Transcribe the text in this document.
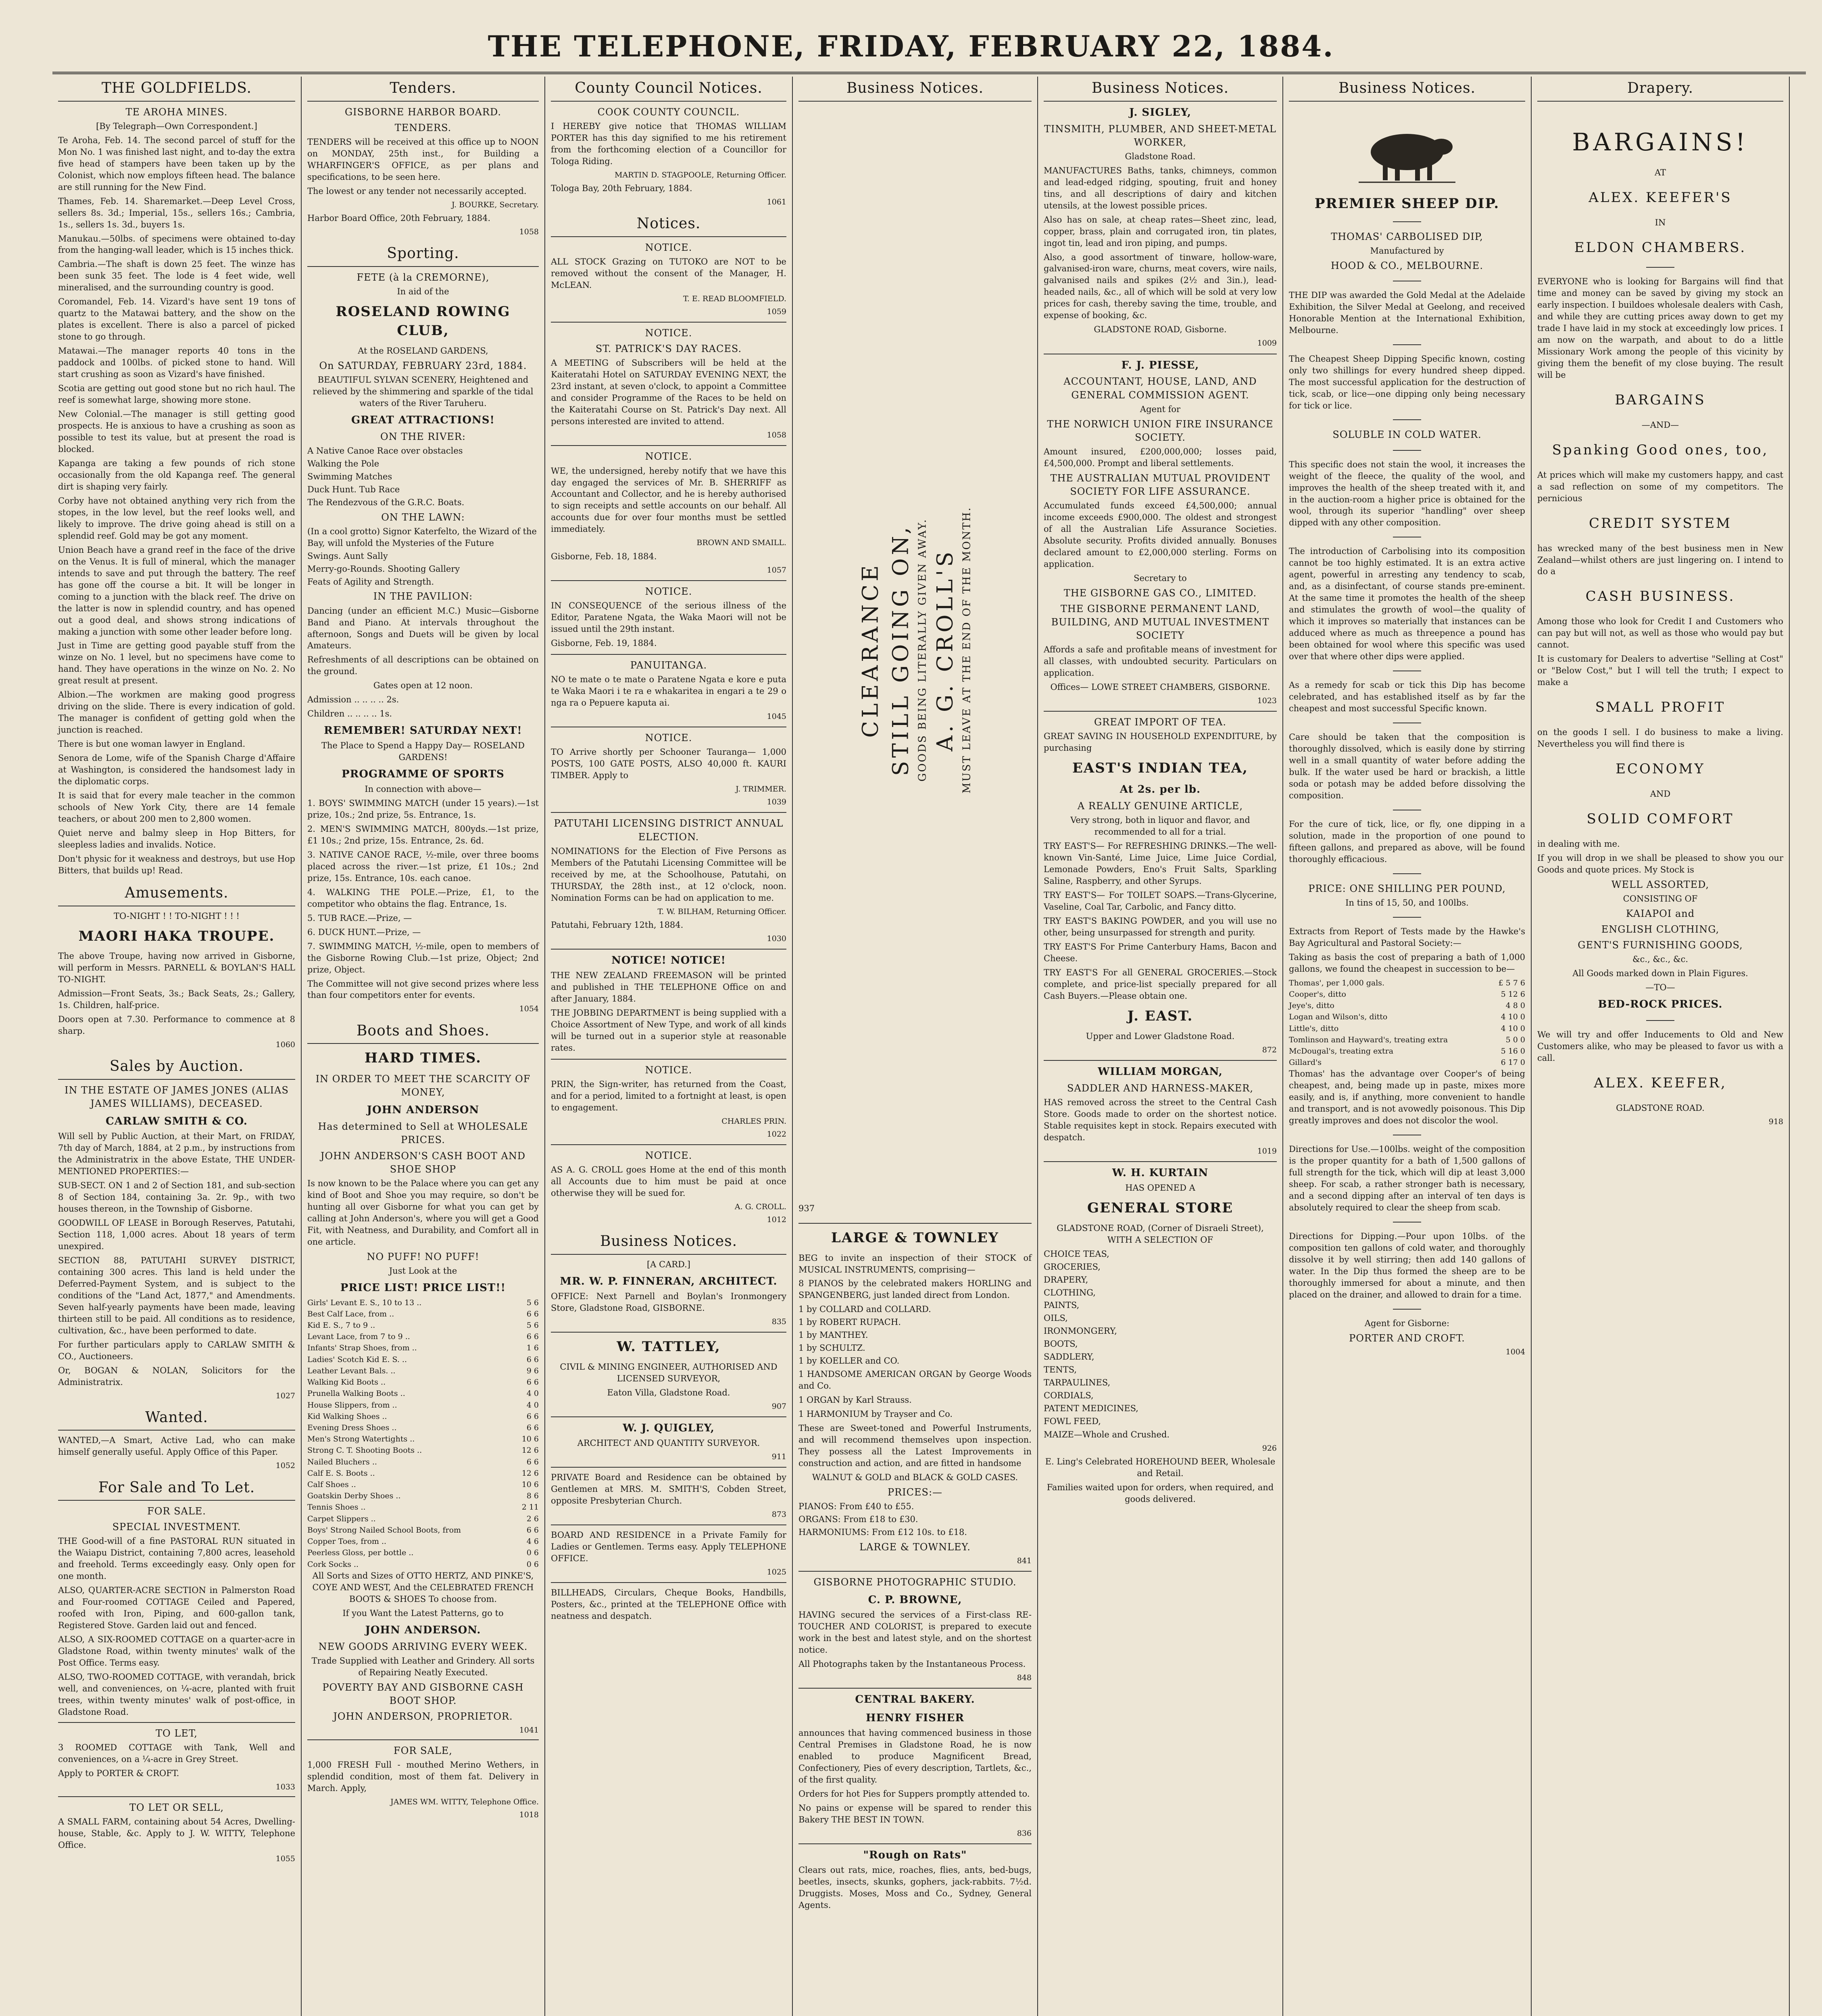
THE TELEPHONE, FRIDAY, FEBRUARY 22, 1884.
THE GOLDFIELDS.
TE AROHA MINES.

[By Telegraph—Own Correspondent.]

Te Aroha, Feb. 14. The second parcel of stuff for the Mon No. 1 was finished last night, and to-day the extra five head of stampers have been taken up by the Colonist, which now employs fifteen head. The balance are still running for the New Find.

Thames, Feb. 14. Sharemarket.—Deep Level Cross, sellers 8s. 3d.; Imperial, 15s., sellers 16s.; Cambria, 1s., sellers 1s. 3d., buyers 1s.

Manukau.—50lbs. of specimens were obtained to-day from the hanging-wall leader, which is 15 inches thick.

Cambria.—The shaft is down 25 feet. The winze has been sunk 35 feet. The lode is 4 feet wide, well mineralised, and the surrounding country is good.

Coromandel, Feb. 14. Vizard's have sent 19 tons of quartz to the Matawai battery, and the show on the plates is excellent. There is also a parcel of picked stone to go through.

Matawai.—The manager reports 40 tons in the paddock and 100lbs. of picked stone to hand. Will start crushing as soon as Vizard's have finished.

Scotia are getting out good stone but no rich haul. The reef is somewhat large, showing more stone.

New Colonial.—The manager is still getting good prospects. He is anxious to have a crushing as soon as possible to test its value, but at present the road is blocked.

Kapanga are taking a few pounds of rich stone occasionally from the old Kapanga reef. The general dirt is shaping very fairly.

Corby have not obtained anything very rich from the stopes, in the low level, but the reef looks well, and likely to improve. The drive going ahead is still on a splendid reef. Gold may be got any moment.

Union Beach have a grand reef in the face of the drive on the Venus. It is full of mineral, which the manager intends to save and put through the battery. The reef has gone off the course a bit. It will be longer in coming to a junction with the black reef. The drive on the latter is now in splendid country, and has opened out a good deal, and shows strong indications of making a junction with some other leader before long.

Just in Time are getting good payable stuff from the winze on No. 1 level, but no specimens have come to hand. They have operations in the winze on No. 2. No great result at present.

Albion.—The workmen are making good progress driving on the slide. There is every indication of gold. The manager is confident of getting gold when the junction is reached.

There is but one woman lawyer in England.

Senora de Lome, wife of the Spanish Charge d'Affaire at Washington, is considered the handsomest lady in the diplomatic corps.

It is said that for every male teacher in the common schools of New York City, there are 14 female teachers, or about 200 men to 2,800 women.

Quiet nerve and balmy sleep in Hop Bitters, for sleepless ladies and invalids. Notice.

Don't physic for it weakness and destroys, but use Hop Bitters, that builds up! Read.

Amusements.

TO-NIGHT ! ! TO-NIGHT ! ! !

MAORI HAKA TROUPE.

The above Troupe, having now arrived in Gisborne, will perform in Messrs. PARNELL & BOYLAN'S HALL TO-NIGHT.

Admission—Front Seats, 3s.; Back Seats, 2s.; Gallery, 1s. Children, half-price.

Doors open at 7.30. Performance to commence at 8 sharp.

1060

Sales by Auction.
IN THE ESTATE OF JAMES JONES (ALIAS JAMES WILLIAMS), DECEASED.
CARLAW SMITH & CO.

Will sell by Public Auction, at their Mart, on FRIDAY, 7th day of March, 1884, at 2 p.m., by instructions from the Administratrix in the above Estate, THE UNDER-MENTIONED PROPERTIES:—

SUB-SECT. ON 1 and 2 of Section 181, and sub-section 8 of Section 184, containing 3a. 2r. 9p., with two houses thereon, in the Township of Gisborne.

GOODWILL OF LEASE in Borough Reserves, Patutahi, Section 118, 1,000 acres. About 18 years of term unexpired.

SECTION 88, PATUTAHI SURVEY DISTRICT, containing 300 acres. This land is held under the Deferred-Payment System, and is subject to the conditions of the "Land Act, 1877," and Amendments. Seven half-yearly payments have been made, leaving thirteen still to be paid. All conditions as to residence, cultivation, &c., have been performed to date.

For further particulars apply to CARLAW SMITH & CO., Auctioneers.

Or, BOGAN & NOLAN, Solicitors for the Administratrix.

1027

Wanted.

WANTED,—A Smart, Active Lad, who can make himself generally useful. Apply Office of this Paper.

1052

For Sale and To Let.
FOR SALE.
SPECIAL INVESTMENT.

THE Good-will of a fine PASTORAL RUN situated in the Waiapu District, containing 7,800 acres, leasehold and freehold. Terms exceedingly easy. Only open for one month.

ALSO, QUARTER-ACRE SECTION in Palmerston Road and Four-roomed COTTAGE Ceiled and Papered, roofed with Iron, Piping, and 600-gallon tank, Registered Stove. Garden laid out and fenced.

ALSO, A SIX-ROOMED COTTAGE on a quarter-acre in Gladstone Road, within twenty minutes' walk of the Post Office. Terms easy.

ALSO, TWO-ROOMED COTTAGE, with verandah, brick well, and conveniences, on ¼-acre, planted with fruit trees, within twenty minutes' walk of post-office, in Gladstone Road.

TO LET,

3 ROOMED COTTAGE with Tank, Well and conveniences, on a ¼-acre in Grey Street.

Apply to PORTER & CROFT.

1033

TO LET OR SELL,

A SMALL FARM, containing about 54 Acres, Dwelling-house, Stable, &c. Apply to J. W. WITTY, Telephone Office.

1055

Tenders.
GISBORNE HARBOR BOARD.
TENDERS.

TENDERS will be received at this office up to NOON on MONDAY, 25th inst., for Building a WHARFINGER'S OFFICE, as per plans and specifications, to be seen here.

The lowest or any tender not necessarily accepted.

J. BOURKE, Secretary.

Harbor Board Office, 20th February, 1884.

1058

Sporting.
FETE (à la CREMORNE),

In aid of the

ROSELAND ROWING CLUB,

At the ROSELAND GARDENS,

On SATURDAY, FEBRUARY 23rd, 1884.

BEAUTIFUL SYLVAN SCENERY, Heightened and relieved by the shimmering and sparkle of the tidal waters of the River Taruheru.

GREAT ATTRACTIONS!
ON THE RIVER:
A Native Canoe Race over obstacles
Walking the Pole
Swimming Matches
Duck Hunt. Tub Race
The Rendezvous of the G.R.C. Boats.
ON THE LAWN:
(In a cool grotto) Signor Katerfelto, the Wizard of the Bay, will unfold the Mysteries of the Future
Swings. Aunt Sally
Merry-go-Rounds. Shooting Gallery
Feats of Agility and Strength.
IN THE PAVILION:

Dancing (under an efficient M.C.) Music—Gisborne Band and Piano. At intervals throughout the afternoon, Songs and Duets will be given by local Amateurs.

Refreshments of all descriptions can be obtained on the ground.

Gates open at 12 noon.

Admission .. .. .. .. 2s.

Children .. .. .. .. 1s.

REMEMBER! SATURDAY NEXT!

The Place to Spend a Happy Day— ROSELAND GARDENS!

PROGRAMME OF SPORTS

In connection with above—

1. BOYS' SWIMMING MATCH (under 15 years).—1st prize, 10s.; 2nd prize, 5s. Entrance, 1s.

2. MEN'S SWIMMING MATCH, 800yds.—1st prize, £1 10s.; 2nd prize, 15s. Entrance, 2s. 6d.

3. NATIVE CANOE RACE, ½-mile, over three booms placed across the river.—1st prize, £1 10s.; 2nd prize, 15s. Entrance, 10s. each canoe.

4. WALKING THE POLE.—Prize, £1, to the competitor who obtains the flag. Entrance, 1s.

5. TUB RACE.—Prize, —

6. DUCK HUNT.—Prize, —

7. SWIMMING MATCH, ½-mile, open to members of the Gisborne Rowing Club.—1st prize, Object; 2nd prize, Object.

The Committee will not give second prizes where less than four competitors enter for events.

1054

Boots and Shoes.
HARD TIMES.
IN ORDER TO MEET THE SCARCITY OF MONEY,
JOHN ANDERSON
Has determined to Sell at WHOLESALE PRICES.
JOHN ANDERSON'S CASH BOOT AND SHOE SHOP

Is now known to be the Palace where you can get any kind of Boot and Shoe you may require, so don't be hunting all over Gisborne for what you can get by calling at John Anderson's, where you will get a Good Fit, with Neatness, and Durability, and Comfort all in one article.

NO PUFF! NO PUFF!

Just Look at the

PRICE LIST! PRICE LIST!!
Girls' Levant E. S., 10 to 13 ..	5 6
Best Calf Lace, from ..	6 6
Kid E. S., 7 to 9 ..	5 6
Levant Lace, from 7 to 9 ..	6 6
Infants' Strap Shoes, from ..	1 6
Ladies' Scotch Kid E. S. ..	6 6
Leather Levant Bals. ..	9 6
Walking Kid Boots ..	6 6
Prunella Walking Boots ..	4 0
House Slippers, from ..	4 0
Kid Walking Shoes ..	6 6
Evening Dress Shoes ..	6 6
Men's Strong Watertights ..	10 6
Strong C. T. Shooting Boots ..	12 6
Nailed Bluchers ..	6 6
Calf E. S. Boots ..	12 6
Calf Shoes ..	10 6
Goatskin Derby Shoes ..	8 6
Tennis Shoes ..	2 11
Carpet Slippers ..	2 6
Boys' Strong Nailed School Boots, from	6 6
Copper Toes, from ..	4 6
Peerless Gloss, per bottle ..	0 6
Cork Socks ..	0 6

All Sorts and Sizes of OTTO HERTZ, AND PINKE'S, COYE AND WEST, And the CELEBRATED FRENCH BOOTS & SHOES To choose from.

If you Want the Latest Patterns, go to

JOHN ANDERSON.
NEW GOODS ARRIVING EVERY WEEK.

Trade Supplied with Leather and Grindery. All sorts of Repairing Neatly Executed.

POVERTY BAY AND GISBORNE CASH BOOT SHOP.
JOHN ANDERSON, PROPRIETOR.

1041

FOR SALE,

1,000 FRESH Full - mouthed Merino Wethers, in splendid condition, most of them fat. Delivery in March. Apply,

JAMES WM. WITTY, Telephone Office.

1018

County Council Notices.
COOK COUNTY COUNCIL.

I HEREBY give notice that THOMAS WILLIAM PORTER has this day signified to me his retirement from the forthcoming election of a Councillor for Tologa Riding.

MARTIN D. STAGPOOLE, Returning Officer.

Tologa Bay, 20th February, 1884.

1061

Notices.
NOTICE.

ALL STOCK Grazing on TUTOKO are NOT to be removed without the consent of the Manager, H. McLEAN.

T. E. READ BLOOMFIELD.

1059

NOTICE.
ST. PATRICK'S DAY RACES.

A MEETING of Subscribers will be held at the Kaiteratahi Hotel on SATURDAY EVENING NEXT, the 23rd instant, at seven o'clock, to appoint a Committee and consider Programme of the Races to be held on the Kaiteratahi Course on St. Patrick's Day next. All persons interested are invited to attend.

1058

NOTICE.

WE, the undersigned, hereby notify that we have this day engaged the services of Mr. B. SHERRIFF as Accountant and Collector, and he is hereby authorised to sign receipts and settle accounts on our behalf. All accounts due for over four months must be settled immediately.

BROWN AND SMAILL.

Gisborne, Feb. 18, 1884.

1057

NOTICE.

IN CONSEQUENCE of the serious illness of the Editor, Paratene Ngata, the Waka Maori will not be issued until the 29th instant.

Gisborne, Feb. 19, 1884.

PANUITANGA.

NO te mate o te mate o Paratene Ngata e kore e puta te Waka Maori i te ra e whakaritea in engari a te 29 o nga ra o Pepuere kaputa ai.

1045

NOTICE.

TO Arrive shortly per Schooner Tauranga— 1,000 POSTS, 100 GATE POSTS, ALSO 40,000 ft. KAURI TIMBER. Apply to

J. TRIMMER.

1039

PATUTAHI LICENSING DISTRICT ANNUAL ELECTION.

NOMINATIONS for the Election of Five Persons as Members of the Patutahi Licensing Committee will be received by me, at the Schoolhouse, Patutahi, on THURSDAY, the 28th inst., at 12 o'clock, noon. Nomination Forms can be had on application to me.

T. W. BILHAM, Returning Officer.

Patutahi, February 12th, 1884.

1030

NOTICE! NOTICE!

THE NEW ZEALAND FREEMASON will be printed and published in THE TELEPHONE Office on and after January, 1884.

THE JOBBING DEPARTMENT is being supplied with a Choice Assortment of New Type, and work of all kinds will be turned out in a superior style at reasonable rates.

NOTICE.

PRIN, the Sign-writer, has returned from the Coast, and for a period, limited to a fortnight at least, is open to engagement.

CHARLES PRIN.

1022

NOTICE.

AS A. G. CROLL goes Home at the end of this month all Accounts due to him must be paid at once otherwise they will be sued for.

A. G. CROLL.

1012

Business Notices.

[A CARD.]

MR. W. P. FINNERAN, ARCHITECT.

OFFICE: Next Parnell and Boylan's Ironmongery Store, Gladstone Road, GISBORNE.

835

W. TATTLEY,

CIVIL & MINING ENGINEER, AUTHORISED AND LICENSED SURVEYOR,

Eaton Villa, Gladstone Road.

907

W. J. QUIGLEY,

ARCHITECT AND QUANTITY SURVEYOR.

911

PRIVATE Board and Residence can be obtained by Gentlemen at MRS. M. SMITH'S, Cobden Street, opposite Presbyterian Church.

873

BOARD AND RESIDENCE in a Private Family for Ladies or Gentlemen. Terms easy. Apply TELEPHONE OFFICE.

1025

BILLHEADS, Circulars, Cheque Books, Handbills, Posters, &c., printed at the TELEPHONE Office with neatness and despatch.

Business Notices.
CLEARANCE STILL GOING ON, GOODS BEING LITERALLY GIVEN AWAY. A. G. CROLL'S MUST LEAVE AT THE END OF THE MONTH.

937

LARGE & TOWNLEY

BEG to invite an inspection of their STOCK of MUSICAL INSTRUMENTS, comprising—

8 PIANOS by the celebrated makers HORLING and SPANGENBERG, just landed direct from London.

1 by COLLARD and COLLARD.
1 by ROBERT RUPACH.
1 by MANTHEY.
1 by SCHULTZ.
1 by KOELLER and CO.

1 HANDSOME AMERICAN ORGAN by George Woods and Co.

1 ORGAN by Karl Strauss.

1 HARMONIUM by Trayser and Co.

These are Sweet-toned and Powerful Instruments, and will recommend themselves upon inspection. They possess all the Latest Improvements in construction and action, and are fitted in handsome

WALNUT & GOLD and BLACK & GOLD CASES.

PRICES:—
PIANOS: From £40 to £55.
ORGANS: From £18 to £30.
HARMONIUMS: From £12 10s. to £18.
LARGE & TOWNLEY.

841

GISBORNE PHOTOGRAPHIC STUDIO.
C. P. BROWNE,

HAVING secured the services of a First-class RE-TOUCHER AND COLORIST, is prepared to execute work in the best and latest style, and on the shortest notice.

All Photographs taken by the Instantaneous Process.

848

CENTRAL BAKERY.
HENRY FISHER

announces that having commenced business in those Central Premises in Gladstone Road, he is now enabled to produce Magnificent Bread, Confectionery, Pies of every description, Tartlets, &c., of the first quality.

Orders for hot Pies for Suppers promptly attended to.

No pains or expense will be spared to render this Bakery THE BEST IN TOWN.

836

"Rough on Rats"

Clears out rats, mice, roaches, flies, ants, bed-bugs, beetles, insects, skunks, gophers, jack-rabbits. 7½d. Druggists. Moses, Moss and Co., Sydney, General Agents.

Business Notices.
J. SIGLEY,
TINSMITH, PLUMBER, AND SHEET-METAL WORKER,

Gladstone Road.

MANUFACTURES Baths, tanks, chimneys, common and lead-edged ridging, spouting, fruit and honey tins, and all descriptions of dairy and kitchen utensils, at the lowest possible prices.

Also has on sale, at cheap rates—Sheet zinc, lead, copper, brass, plain and corrugated iron, tin plates, ingot tin, lead and iron piping, and pumps.

Also, a good assortment of tinware, hollow-ware, galvanised-iron ware, churns, meat covers, wire nails, galvanised nails and spikes (2½ and 3in.), lead-headed nails, &c., all of which will be sold at very low prices for cash, thereby saving the time, trouble, and expense of booking, &c.

GLADSTONE ROAD, Gisborne.

1009

F. J. PIESSE,
ACCOUNTANT, HOUSE, LAND, AND GENERAL COMMISSION AGENT.

Agent for

THE NORWICH UNION FIRE INSURANCE SOCIETY.

Amount insured, £200,000,000; losses paid, £4,500,000. Prompt and liberal settlements.

THE AUSTRALIAN MUTUAL PROVIDENT SOCIETY FOR LIFE ASSURANCE.

Accumulated funds exceed £4,500,000; annual income exceeds £900,000. The oldest and strongest of all the Australian Life Assurance Societies. Absolute security. Profits divided annually. Bonuses declared amount to £2,000,000 sterling. Forms on application.

Secretary to

THE GISBORNE GAS CO., LIMITED.
THE GISBORNE PERMANENT LAND, BUILDING, AND MUTUAL INVESTMENT SOCIETY

Affords a safe and profitable means of investment for all classes, with undoubted security. Particulars on application.

Offices— LOWE STREET CHAMBERS, GISBORNE.

1023

GREAT IMPORT OF TEA.

GREAT SAVING IN HOUSEHOLD EXPENDITURE, by purchasing

EAST'S INDIAN TEA,
At 2s. per lb.
A REALLY GENUINE ARTICLE,

Very strong, both in liquor and flavor, and recommended to all for a trial.

TRY EAST'S— For REFRESHING DRINKS.—The well-known Vin-Santé, Lime Juice, Lime Juice Cordial, Lemonade Powders, Eno's Fruit Salts, Sparkling Saline, Raspberry, and other Syrups.

TRY EAST'S— For TOILET SOAPS.—Trans-Glycerine, Vaseline, Coal Tar, Carbolic, and Fancy ditto.

TRY EAST'S BAKING POWDER, and you will use no other, being unsurpassed for strength and purity.

TRY EAST'S For Prime Canterbury Hams, Bacon and Cheese.

TRY EAST'S For all GENERAL GROCERIES.—Stock complete, and price-list specially prepared for all Cash Buyers.—Please obtain one.

J. EAST.

Upper and Lower Gladstone Road.

872

WILLIAM MORGAN,
SADDLER AND HARNESS-MAKER,

HAS removed across the street to the Central Cash Store. Goods made to order on the shortest notice. Stable requisites kept in stock. Repairs executed with despatch.

1019

W. H. KURTAIN

HAS OPENED A

GENERAL STORE

GLADSTONE ROAD, (Corner of Disraeli Street), WITH A SELECTION OF

CHOICE TEAS,
GROCERIES,
DRAPERY,
CLOTHING,
PAINTS,
OILS,
IRONMONGERY,
BOOTS,
SADDLERY,
TENTS,
TARPAULINES,
CORDIALS,
PATENT MEDICINES,
FOWL FEED,

MAIZE—Whole and Crushed.

926

E. Ling's Celebrated HOREHOUND BEER, Wholesale and Retail.

Families waited upon for orders, when required, and goods delivered.

Business Notices.
PREMIER SHEEP DIP.
THOMAS' CARBOLISED DIP,

Manufactured by

HOOD & CO., MELBOURNE.

THE DIP was awarded the Gold Medal at the Adelaide Exhibition, the Silver Medal at Geelong, and received Honorable Mention at the International Exhibition, Melbourne.

The Cheapest Sheep Dipping Specific known, costing only two shillings for every hundred sheep dipped. The most successful application for the destruction of tick, scab, or lice—one dipping only being necessary for tick or lice.

SOLUBLE IN COLD WATER.

This specific does not stain the wool, it increases the weight of the fleece, the quality of the wool, and improves the health of the sheep treated with it, and in the auction-room a higher price is obtained for the wool, through its superior "handling" over sheep dipped with any other composition.

The introduction of Carbolising into its composition cannot be too highly estimated. It is an extra active agent, powerful in arresting any tendency to scab, and, as a disinfectant, of course stands pre-eminent. At the same time it promotes the health of the sheep and stimulates the growth of wool—the quality of which it improves so materially that instances can be adduced where as much as threepence a pound has been obtained for wool where this specific was used over that where other dips were applied.

As a remedy for scab or tick this Dip has become celebrated, and has established itself as by far the cheapest and most successful Specific known.

Care should be taken that the composition is thoroughly dissolved, which is easily done by stirring well in a small quantity of water before adding the bulk. If the water used be hard or brackish, a little soda or potash may be added before dissolving the composition.

For the cure of tick, lice, or fly, one dipping in a solution, made in the proportion of one pound to fifteen gallons, and prepared as above, will be found thoroughly efficacious.

PRICE: ONE SHILLING PER POUND,

In tins of 15, 50, and 100lbs.

Extracts from Report of Tests made by the Hawke's Bay Agricultural and Pastoral Society:—

Taking as basis the cost of preparing a bath of 1,000 gallons, we found the cheapest in succession to be—

Thomas', per 1,000 gals.	£ 5 7 6
Cooper's, ditto	5 12 6
Jeye's, ditto	4 8 0
Logan and Wilson's, ditto	4 10 0
Little's, ditto	4 10 0
Tomlinson and Hayward's, treating extra	5 0 0
McDougal's, treating extra	5 16 0
Gillard's	6 17 0

Thomas' has the advantage over Cooper's of being cheapest, and, being made up in paste, mixes more easily, and is, if anything, more convenient to handle and transport, and is not avowedly poisonous. This Dip greatly improves and does not discolor the wool.

Directions for Use.—100lbs. weight of the composition is the proper quantity for a bath of 1,500 gallons of full strength for the tick, which will dip at least 3,000 sheep. For scab, a rather stronger bath is necessary, and a second dipping after an interval of ten days is absolutely required to clear the sheep from scab.

Directions for Dipping.—Pour upon 10lbs. of the composition ten gallons of cold water, and thoroughly dissolve it by well stirring; then add 140 gallons of water. In the Dip thus formed the sheep are to be thoroughly immersed for about a minute, and then placed on the drainer, and allowed to drain for a time.

Agent for Gisborne:

PORTER AND CROFT.

1004

Drapery.
BARGAINS!

AT

ALEX. KEEFER'S

IN

ELDON CHAMBERS.

EVERYONE who is looking for Bargains will find that time and money can be saved by giving my stock an early inspection. I buildoes wholesale dealers with Cash, and while they are cutting prices away down to get my trade I have laid in my stock at exceedingly low prices. I am now on the warpath, and about to do a little Missionary Work among the people of this vicinity by giving them the benefit of my close buying. The result will be

BARGAINS

—AND—

Spanking Good ones, too,

At prices which will make my customers happy, and cast a sad reflection on some of my competitors. The pernicious

CREDIT SYSTEM

has wrecked many of the best business men in New Zealand—whilst others are just lingering on. I intend to do a

CASH BUSINESS.

Among those who look for Credit I and Customers who can pay but will not, as well as those who would pay but cannot.

It is customary for Dealers to advertise "Selling at Cost" or "Below Cost," but I will tell the truth; I expect to make a

SMALL PROFIT

on the goods I sell. I do business to make a living. Nevertheless you will find there is

ECONOMY

AND

SOLID COMFORT

in dealing with me.

If you will drop in we shall be pleased to show you our Goods and quote prices. My Stock is

WELL ASSORTED,

CONSISTING OF

KAIAPOI and
ENGLISH CLOTHING,
GENT'S FURNISHING GOODS,

&c., &c., &c.

All Goods marked down in Plain Figures.

—TO—

BED-ROCK PRICES.

We will try and offer Inducements to Old and New Customers alike, who may be pleased to favor us with a call.

ALEX. KEEFER,

GLADSTONE ROAD.

918
